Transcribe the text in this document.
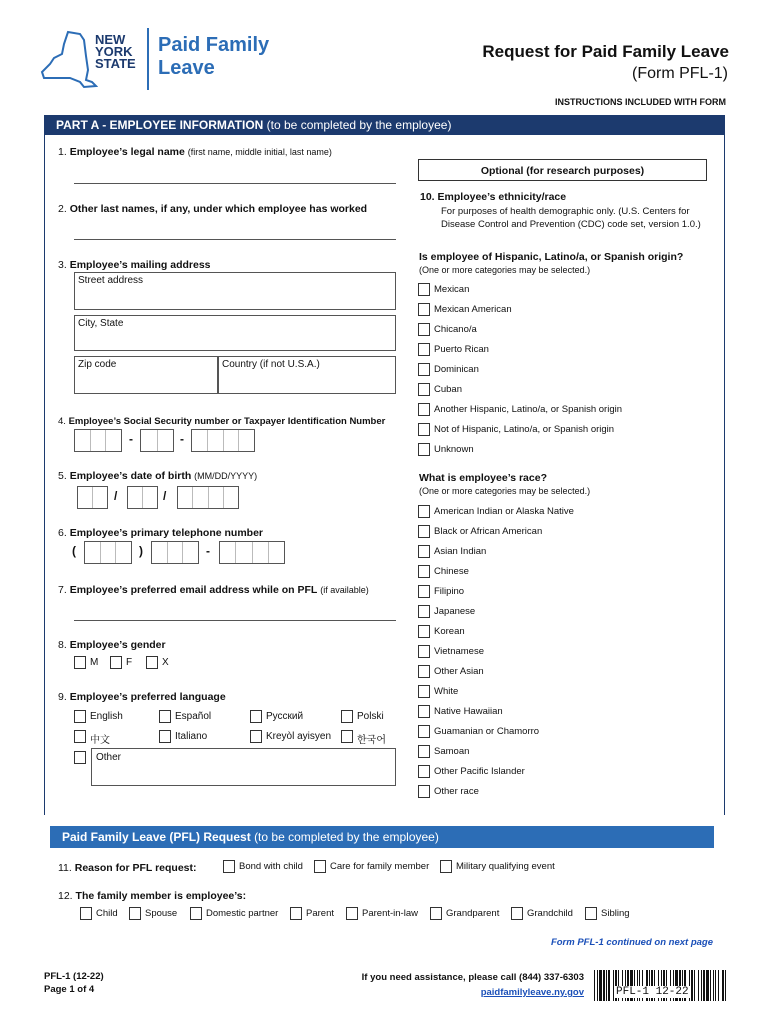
NEW
YORK
STATE
Paid Family
Leave
Request for Paid Family Leave
(Form PFL-1)
INSTRUCTIONS INCLUDED WITH FORM
PART A - EMPLOYEE INFORMATION (to be completed by the employee)
1. Employee’s legal name (first name, middle initial, last name)
2. Other last names, if any, under which employee has worked
3. Employee’s mailing address
Street address
City, State
Zip code	Country (if not U.S.A.)
4. Employee’s Social Security number or Taxpayer Identification Number
-	-
5. Employee’s date of birth (MM/DD/YYYY)
/	/
6. Employee’s primary telephone number
(	)	-
7. Employee’s preferred email address while on PFL (if available)
8. Employee’s gender
M	F	X
9. Employee’s preferred language
English	Español	Русский	Polski
中文	Italiano	Kreyòl ayisyen	한국어
Other
Optional (for research purposes)
10. Employee’s ethnicity/race
For purposes of health demographic only. (U.S. Centers for
Disease Control and Prevention (CDC) code set, version 1.0.)
Is employee of Hispanic, Latino/a, or Spanish origin?
(One or more categories may be selected.)
Mexican
Mexican American
Chicano/a
Puerto Rican
Dominican
Cuban
Another Hispanic, Latino/a, or Spanish origin
Not of Hispanic, Latino/a, or Spanish origin
Unknown
What is employee’s race?
(One or more categories may be selected.)
American Indian or Alaska Native
Black or African American
Asian Indian
Chinese
Filipino
Japanese
Korean
Vietnamese
Other Asian
White
Native Hawaiian
Guamanian or Chamorro
Samoan
Other Pacific Islander
Other race
Paid Family Leave (PFL) Request (to be completed by the employee)
11. Reason for PFL request:	Bond with child	Care for family member	Military qualifying event
12. The family member is employee’s:
Child	Spouse	Domestic partner	Parent	Parent-in-law	Grandparent	Grandchild	Sibling
Form PFL-1 continued on next page
PFL-1 (12-22)
Page 1 of 4
If you need assistance, please call (844) 337-6303
paidfamilyleave.ny.gov	PFL-1 12-22
